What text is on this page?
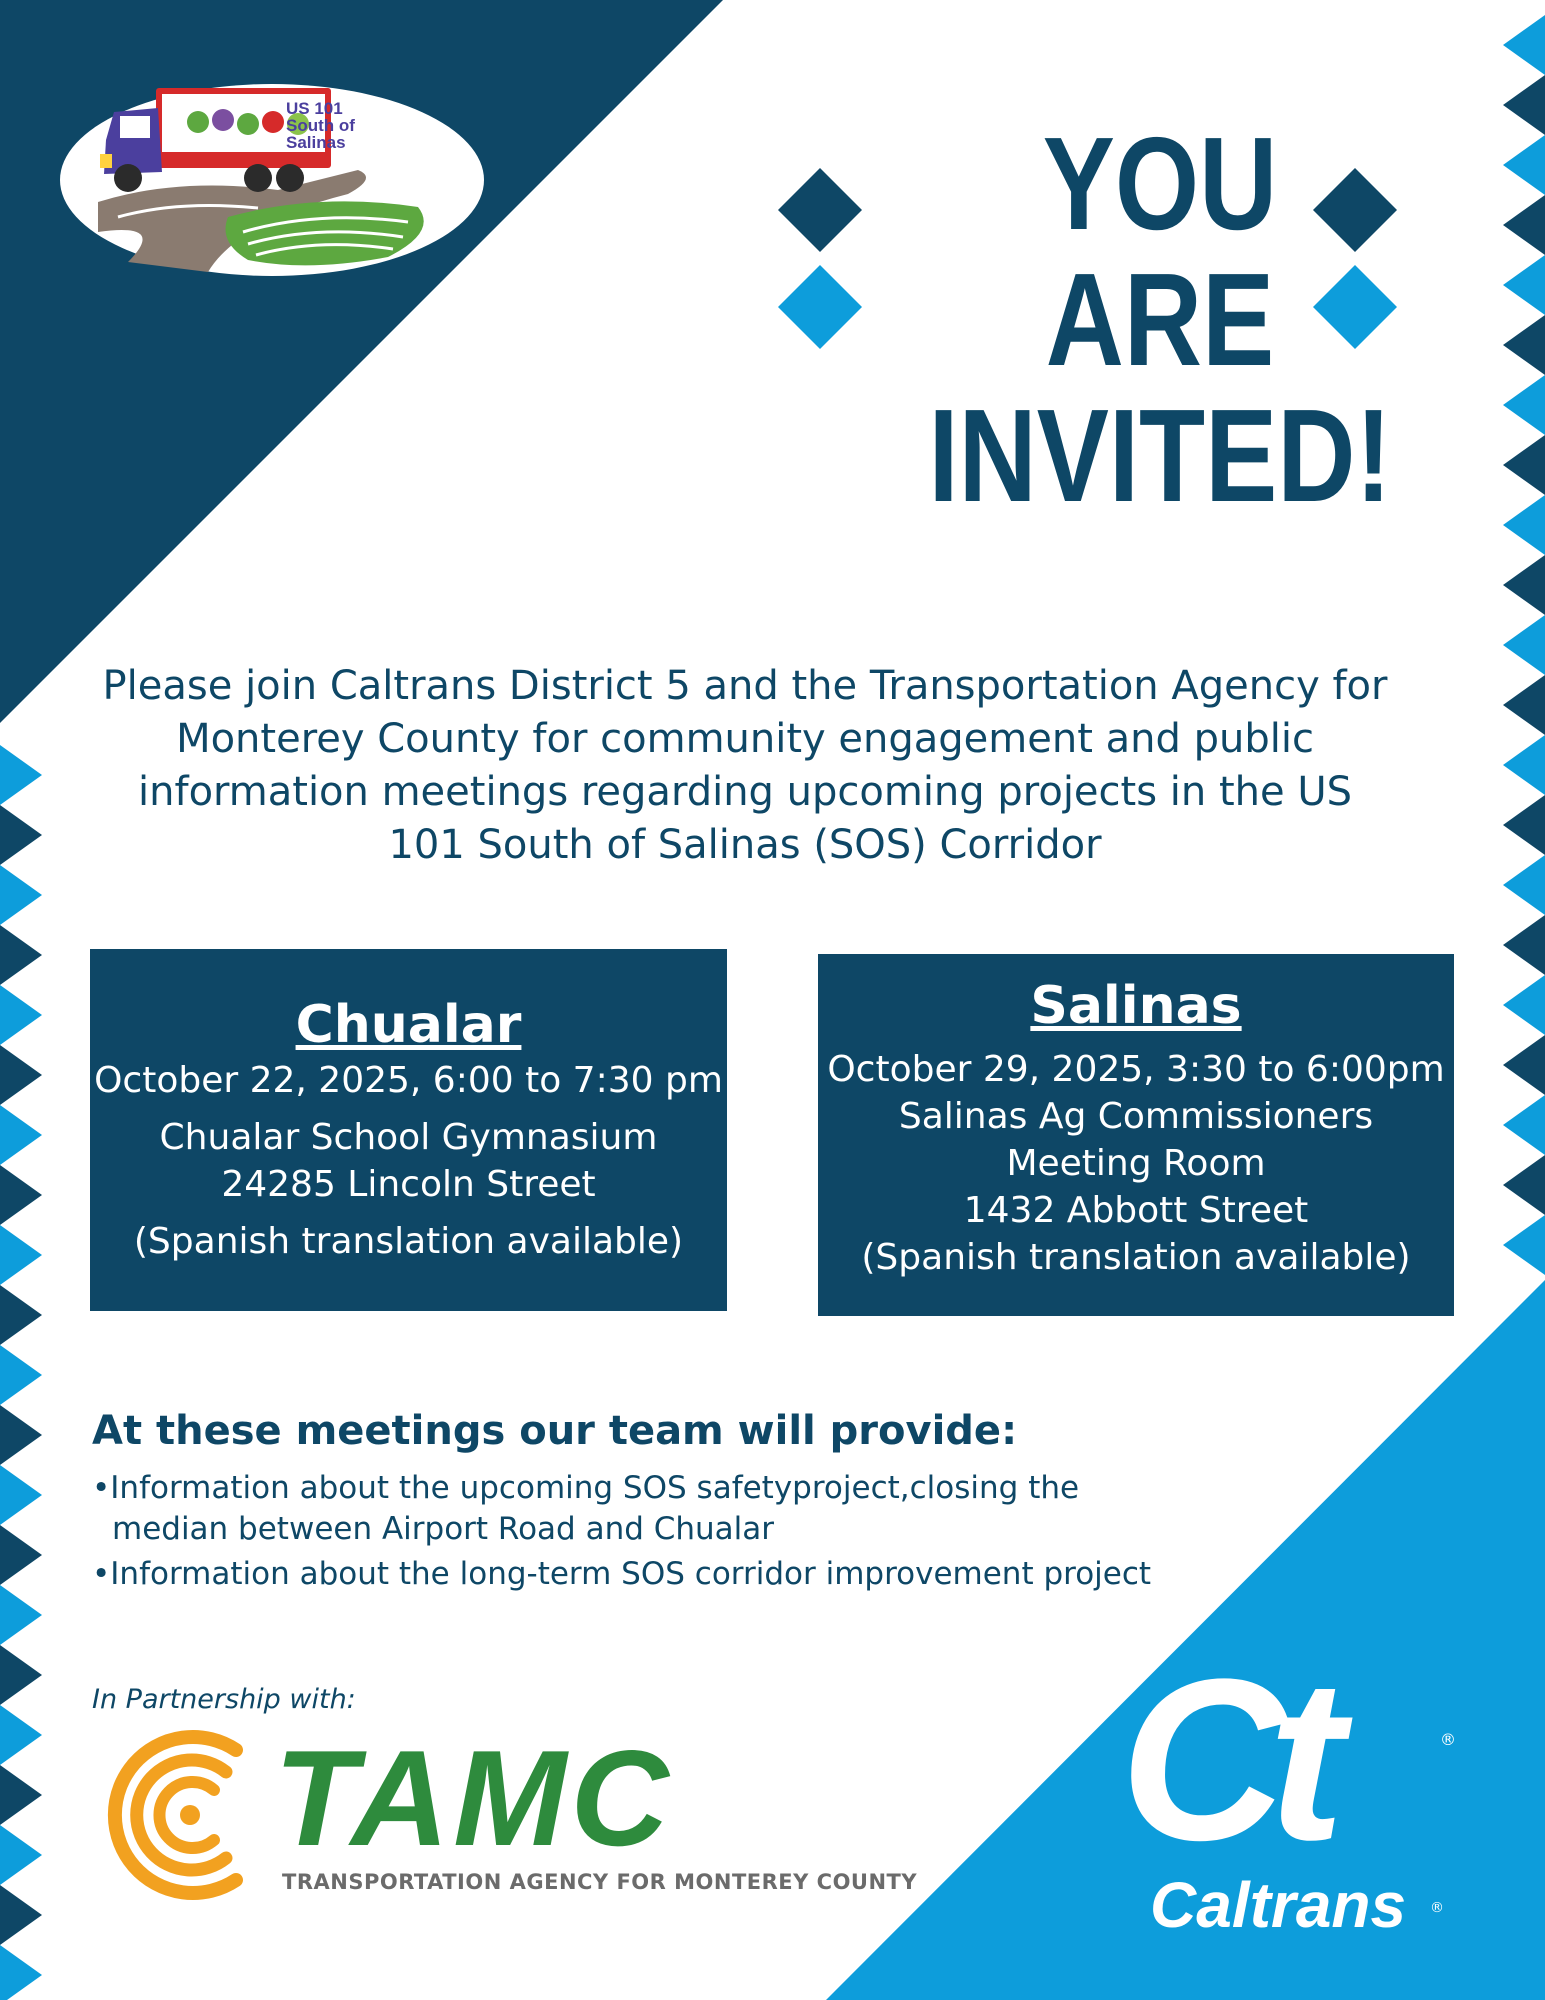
US 101
South of
Salinas	YOU
ARE
INVITED!
Please join Caltrans District 5 and the Transportation Agency for Monterey County for community engagement and public information meetings regarding upcoming projects in the US 101 South of Salinas (SOS) Corridor
Chualar
October 22, 2025, 6:00 to 7:30 pm
Chualar School Gymnasium
24285 Lincoln Street
(Spanish translation available)
Salinas
October 29, 2025, 3:30 to 6:00pm
Salinas Ag Commissioners
Meeting Room
1432 Abbott Street
(Spanish translation available)
At these meetings our team will provide:
•Information about the upcoming SOS safetyproject,closing the median between Airport Road and Chualar
•Information about the long-term SOS corridor improvement project
In Partnership with:
TAMC
TRANSPORTATION AGENCY FOR MONTEREY COUNTY Ct	®
Caltrans ®
